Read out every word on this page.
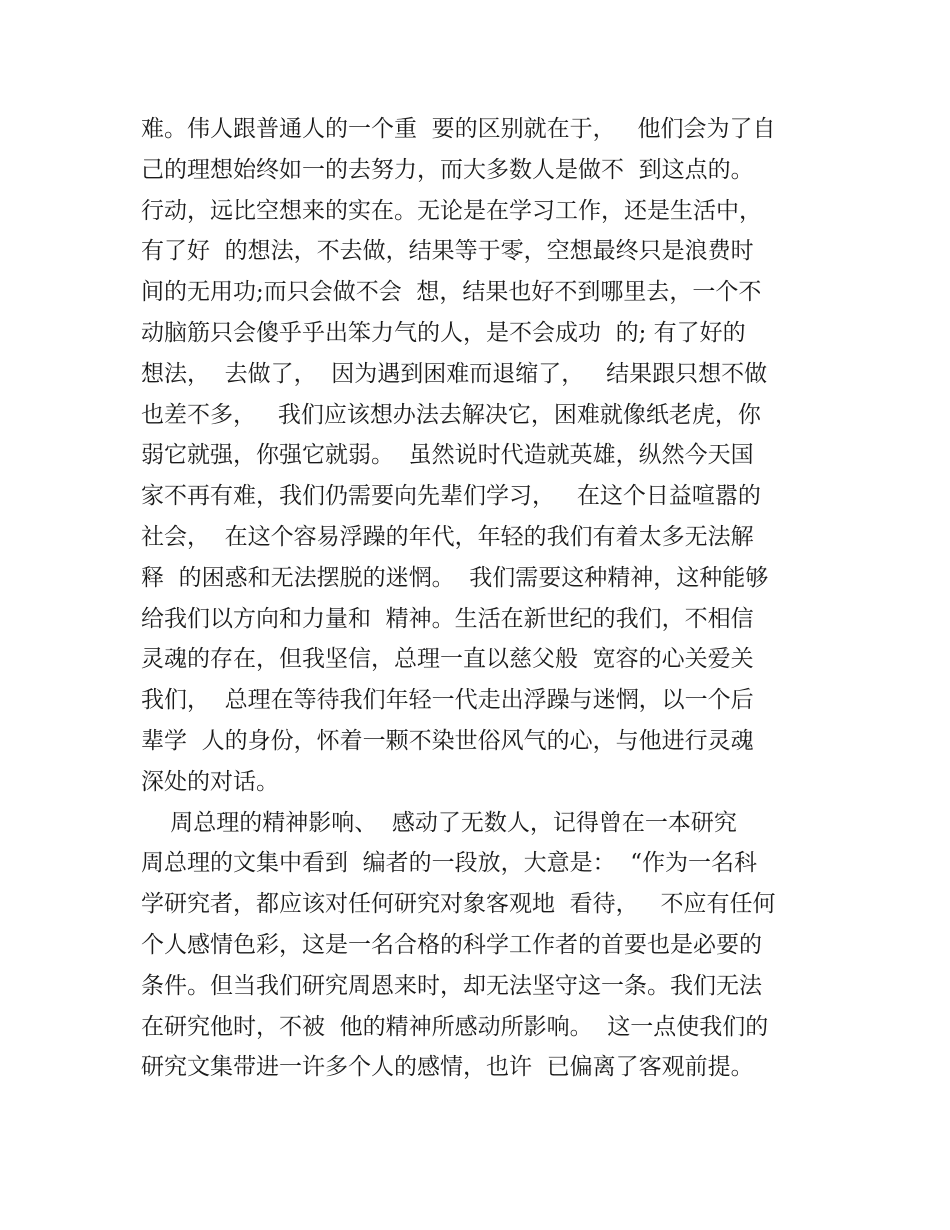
难。伟人跟普通人的一个重  要的区别就在于，   他们会为了自
己的理想始终如一的去努力，而大多数人是做不  到这点的。
行动，远比空想来的实在。无论是在学习工作，还是生活中，
有了好  的想法，不去做，结果等于零，空想最终只是浪费时
间的无用功;而只会做不会  想，结果也好不到哪里去，一个不
动脑筋只会傻乎乎出笨力气的人，是不会成功  的; 有了好的
想法，  去做了，  因为遇到困难而退缩了，   结果跟只想不做
也差不多，   我们应该想办法去解决它，困难就像纸老虎，你
弱它就强，你强它就弱。  虽然说时代造就英雄，纵然今天国
家不再有难，我们仍需要向先辈们学习，   在这个日益喧嚣的
社会，  在这个容易浮躁的年代，年轻的我们有着太多无法解
释  的困惑和无法摆脱的迷惘。  我们需要这种精神，这种能够
给我们以方向和力量和  精神。生活在新世纪的我们，不相信
灵魂的存在，但我坚信，总理一直以慈父般  宽容的心关爱关
我们，  总理在等待我们年轻一代走出浮躁与迷惘，以一个后
辈学  人的身份，怀着一颗不染世俗风气的心，与他进行灵魂
深处的对话。
周总理的精神影响、  感动了无数人，记得曾在一本研究
周总理的文集中看到  编者的一段放，大意是：  “作为一名科
学研究者，都应该对任何研究对象客观地  看待，   不应有任何
个人感情色彩，这是一名合格的科学工作者的首要也是必要的
条件。但当我们研究周恩来时，却无法坚守这一条。我们无法
在研究他时，不被  他的精神所感动所影响。  这一点使我们的
研究文集带进一许多个人的感情，也许  已偏离了客观前提。
